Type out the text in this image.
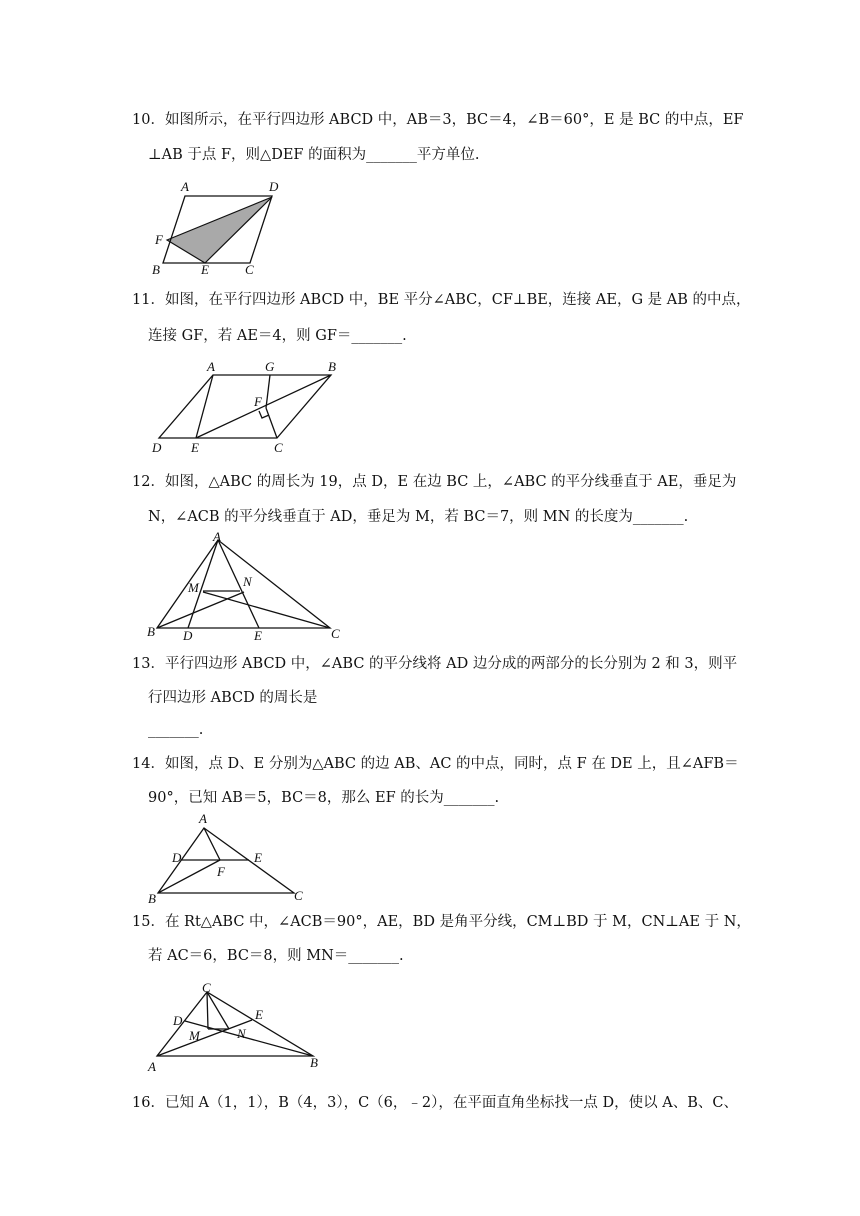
10．如图所示，在平行四边形 ABCD 中，AB＝3，BC＝4，∠B＝60°，E 是 BC 的中点，EF
⊥AB 于点 F，则△DEF 的面积为_______平方单位.
A	D
F
B	E	C
11．如图，在平行四边形 ABCD 中，BE 平分∠ABC，CF⊥BE，连接 AE，G 是 AB 的中点，
连接 GF，若 AE＝4，则 GF＝_______.
A	G	B
F
D E	C
12．如图，△ABC 的周长为 19，点 D，E 在边 BC 上，∠ABC 的平分线垂直于 AE，垂足为
N，∠ACB 的平分线垂直于 AD，垂足为 M，若 BC＝7，则 MN 的长度为_______.
A
M	N
B D	E	C
13．平行四边形 ABCD 中，∠ABC 的平分线将 AD 边分成的两部分的长分别为 2 和 3，则平
行四边形 ABCD 的周长是
_______.
14．如图，点 D、E 分别为△ABC 的边 AB、AC 的中点，同时，点 F 在 DE 上，且∠AFB＝
90°，已知 AB＝5，BC＝8，那么 EF 的长为_______.
A
D	E
F
B	C
15．在 Rt△ABC 中，∠ACB＝90°，AE，BD 是角平分线，CM⊥BD 于 M，CN⊥AE 于 N，
若 AC＝6，BC＝8，则 MN＝_______.
C
D	E
M	N
A	B
16．已知 A（1，1），B（4，3），C（6，﹣2），在平面直角坐标找一点 D，使以 A、B、C、
